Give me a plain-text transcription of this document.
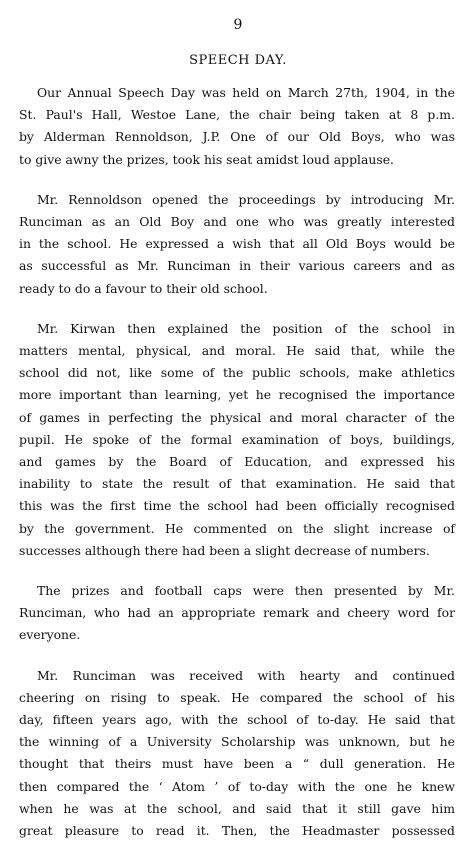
9
SPEECH DAY.

Our Annual Speech Day was held on March 27th, 1904, in the
St. Paul's Hall, Westoe Lane, the chair being taken at 8 p.m.
by Alderman Rennoldson, J.P. One of our Old Boys, who was
to give awny the prizes, took his seat amidst loud applause.

Mr. Rennoldson opened the proceedings by introducing Mr.
Runciman as an Old Boy and one who was greatly interested
in the school. He expressed a wish that all Old Boys would be
as successful as Mr. Runciman in their various careers and as
ready to do a favour to their old school.

Mr. Kirwan then explained the position of the school in
matters mental, physical, and moral. He said that, while the
school did not, like some of the public schools, make athletics
more important than learning, yet he recognised the importance
of games in perfecting the physical and moral character of the
pupil. He spoke of the formal examination of boys, buildings,
and games by the Board of Education, and expressed his
inability to state the result of that examination. He said that
this was the first time the school had been officially recognised
by the government. He commented on the slight increase of
successes although there had been a slight decrease of numbers.

The prizes and football caps were then presented by Mr.
Runciman, who had an appropriate remark and cheery word for
everyone.

Mr. Runciman was received with hearty and continued
cheering on rising to speak. He compared the school of his
day, fifteen years ago, with the school of to-day. He said that
the winning of a University Scholarship was unknown, but he
thought that theirs must have been a “ dull generation. He
then compared the ‘ Atom ’ of to-day with the one he knew
when he was at the school, and said that it still gave him
great pleasure to read it. Then, the Headmaster possessed
